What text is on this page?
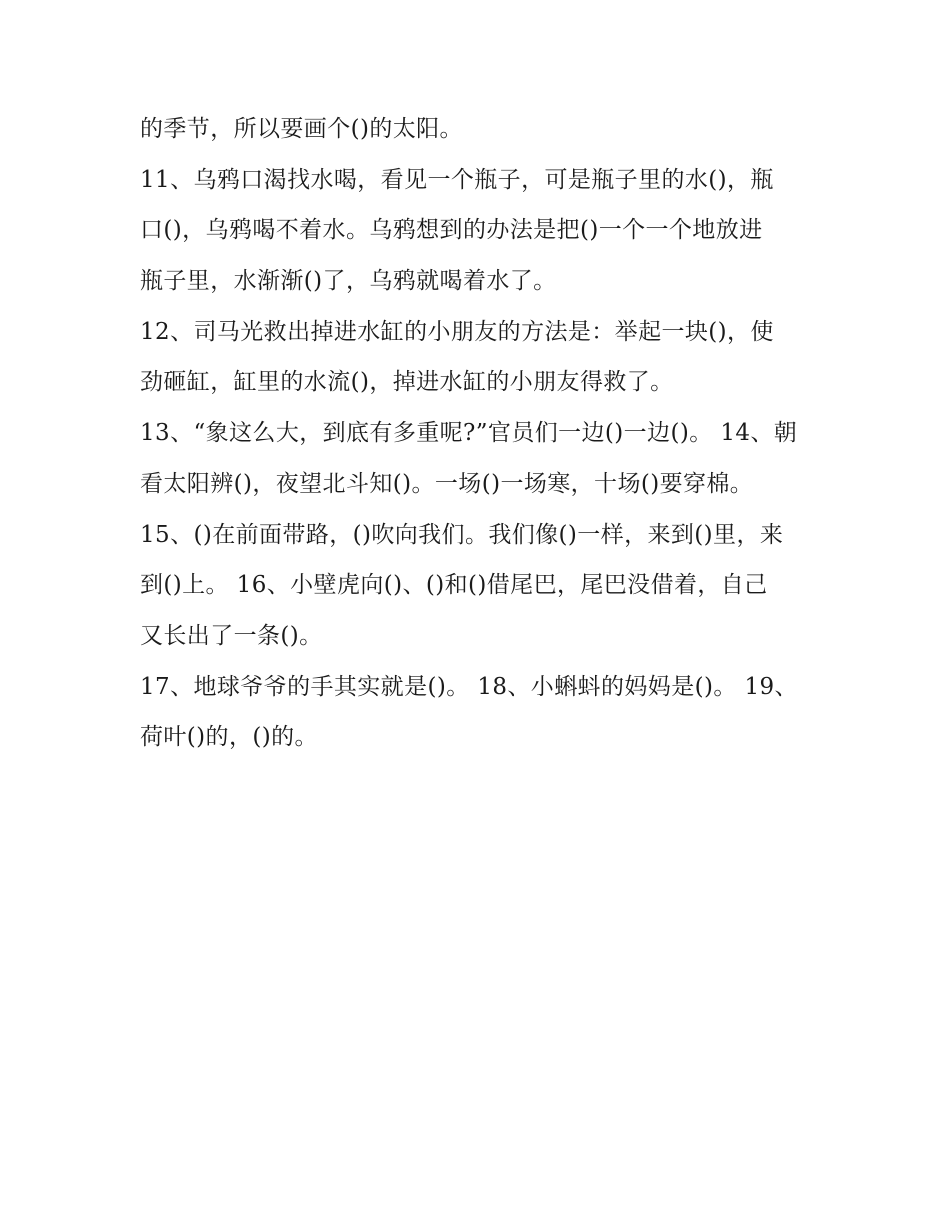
的季节，所以要画个()的太阳。
11、乌鸦口渴找水喝，看见一个瓶子，可是瓶子里的水()，瓶
口()，乌鸦喝不着水。乌鸦想到的办法是把()一个一个地放进
瓶子里，水渐渐()了，乌鸦就喝着水了。
12、司马光救出掉进水缸的小朋友的方法是：举起一块()，使
劲砸缸，缸里的水流()，掉进水缸的小朋友得救了。
13、“象这么大，到底有多重呢?”官员们一边()一边()。 14、朝
看太阳辨()，夜望北斗知()。一场()一场寒，十场()要穿棉。
15、()在前面带路，()吹向我们。我们像()一样，来到()里，来
到()上。 16、小壁虎向()、()和()借尾巴，尾巴没借着，自己
又长出了一条()。
17、地球爷爷的手其实就是()。 18、小蝌蚪的妈妈是()。 19、
荷叶()的，()的。
